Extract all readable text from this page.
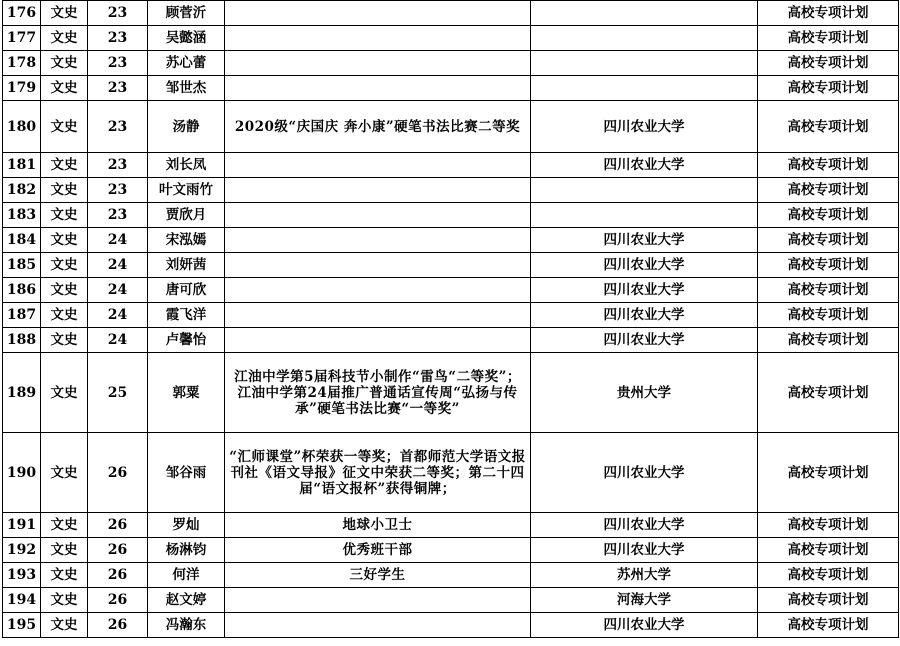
176	文史	23	顾菅沂			高校专项计划
177	文史	23	吴懿涵			高校专项计划
178	文史	23	苏心蕾			高校专项计划
179	文史	23	邹世杰			高校专项计划
180	文史	23	汤静	2020级“庆国庆 奔小康”硬笔书法比赛二等奖	四川农业大学	高校专项计划
181	文史	23	刘长凤		四川农业大学	高校专项计划
182	文史	23	叶文雨竹			高校专项计划
183	文史	23	贾欣月			高校专项计划
184	文史	24	宋泓嫣		四川农业大学	高校专项计划
185	文史	24	刘妍茜		四川农业大学	高校专项计划
186	文史	24	唐可欣		四川农业大学	高校专项计划
187	文史	24	霞飞洋		四川农业大学	高校专项计划
188	文史	24	卢馨怡		四川农业大学	高校专项计划
189	文史	25	郭粟	江油中学第5届科技节小制作“雷鸟“二等奖”；江油中学第24届推广普通话宣传周“弘扬与传承”硬笔书法比赛“一等奖”	贵州大学	高校专项计划
190	文史	26	邹谷雨	“汇师课堂”杯荣获一等奖；首都师范大学语文报刊社《语文导报》征文中荣获二等奖；第二十四届“语文报杯”获得铜牌；	四川农业大学	高校专项计划
191	文史	26	罗灿	地球小卫士	四川农业大学	高校专项计划
192	文史	26	杨淋钧	优秀班干部	四川农业大学	高校专项计划
193	文史	26	何洋	三好学生	苏州大学	高校专项计划
194	文史	26	赵文婷		河海大学	高校专项计划
195	文史	26	冯瀚东		四川农业大学	高校专项计划
